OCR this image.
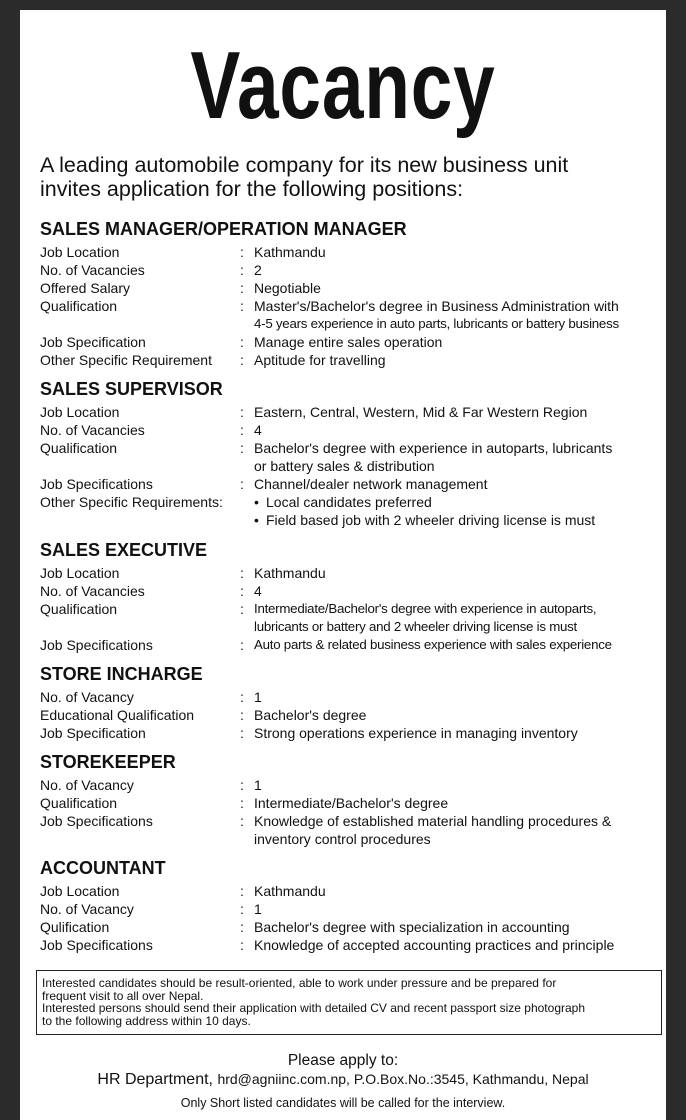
Vacancy
A leading automobile company for its new business unit
invites application for the following positions:
SALES MANAGER/OPERATION MANAGER
Job Location	: Kathmandu
No. of Vacancies	: 2
Offered Salary	: Negotiable
Qualification	: Master's/Bachelor's degree in Business Administration with
4-5 years experience in auto parts, lubricants or battery business
Job Specification	: Manage entire sales operation
Other Specific Requirement	: Aptitude for travelling
SALES SUPERVISOR
Job Location	: Eastern, Central, Western, Mid & Far Western Region
No. of Vacancies	: 4
Qualification	: Bachelor's degree with experience in autoparts, lubricants
or battery sales & distribution
Job Specifications	: Channel/dealer network management
Other Specific Requirements:	• Local candidates preferred
• Field based job with 2 wheeler driving license is must
SALES EXECUTIVE
Job Location	: Kathmandu
No. of Vacancies	: 4
Qualification	: Intermediate/Bachelor's degree with experience in autoparts,
lubricants or battery and 2 wheeler driving license is must
Job Specifications	: Auto parts & related business experience with sales experience
STORE INCHARGE
No. of Vacancy	: 1
Educational Qualification	: Bachelor's degree
Job Specification	: Strong operations experience in managing inventory
STOREKEEPER
No. of Vacancy	: 1
Qualification	: Intermediate/Bachelor's degree
Job Specifications	: Knowledge of established material handling procedures &
inventory control procedures
ACCOUNTANT
Job Location	: Kathmandu
No. of Vacancy	: 1
Qulification	: Bachelor's degree with specialization in accounting
Job Specifications	: Knowledge of accepted accounting practices and principle
Interested candidates should be result-oriented, able to work under pressure and be prepared for
frequent visit to all over Nepal.
Interested persons should send their application with detailed CV and recent passport size photograph
to the following address within 10 days.
Please apply to:
HR Department, hrd@agniinc.com.np, P.O.Box.No.:3545, Kathmandu, Nepal
Only Short listed candidates will be called for the interview.
